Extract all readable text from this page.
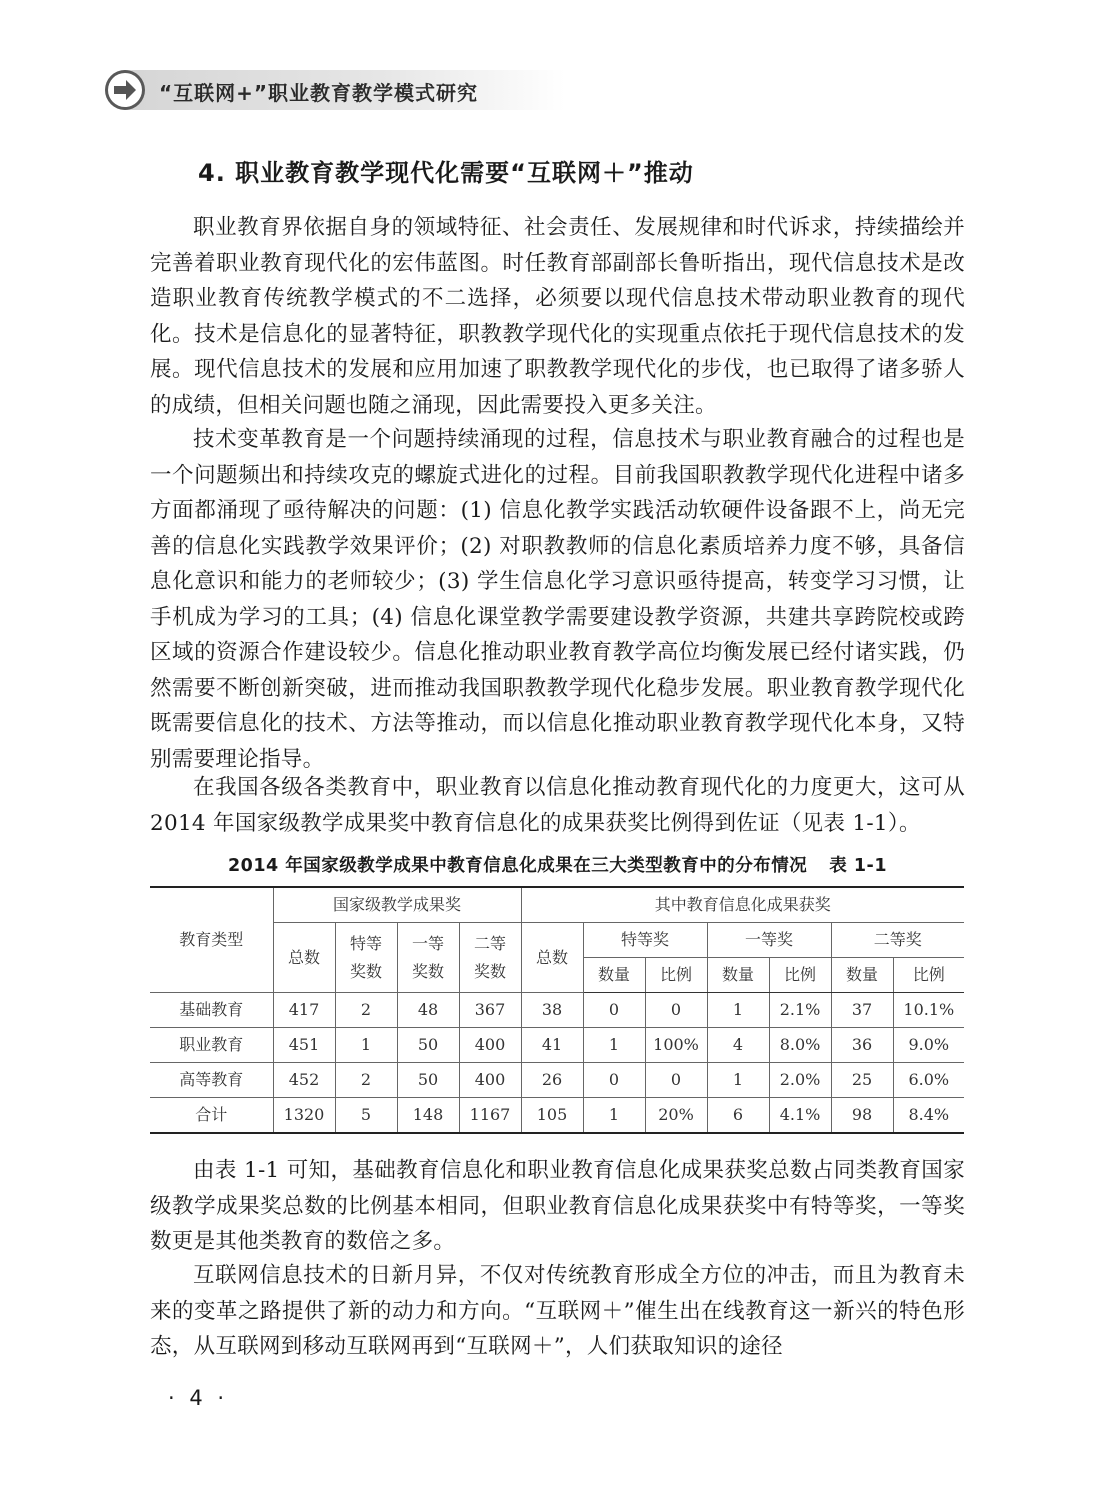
“互联网+”职业教育教学模式研究
4. 职业教育教学现代化需要“互联网＋”推动

职业教育界依据自身的领域特征、社会责任、发展规律和时代诉求，持续描绘并完善着职业教育现代化的宏伟蓝图。时任教育部副部长鲁昕指出，现代信息技术是改造职业教育传统教学模式的不二选择，必须要以现代信息技术带动职业教育的现代化。技术是信息化的显著特征，职教教学现代化的实现重点依托于现代信息技术的发展。现代信息技术的发展和应用加速了职教教学现代化的步伐，也已取得了诸多骄人的成绩，但相关问题也随之涌现，因此需要投入更多关注。

技术变革教育是一个问题持续涌现的过程，信息技术与职业教育融合的过程也是一个问题频出和持续攻克的螺旋式进化的过程。目前我国职教教学现代化进程中诸多方面都涌现了亟待解决的问题：(1) 信息化教学实践活动软硬件设备跟不上，尚无完善的信息化实践教学效果评价；(2) 对职教教师的信息化素质培养力度不够，具备信息化意识和能力的老师较少；(3) 学生信息化学习意识亟待提高，转变学习习惯，让手机成为学习的工具；(4) 信息化课堂教学需要建设教学资源，共建共享跨院校或跨区域的资源合作建设较少。信息化推动职业教育教学高位均衡发展已经付诸实践，仍然需要不断创新突破，进而推动我国职教教学现代化稳步发展。职业教育教学现代化既需要信息化的技术、方法等推动，而以信息化推动职业教育教学现代化本身，又特别需要理论指导。

在我国各级各类教育中，职业教育以信息化推动教育现代化的力度更大，这可从 2014 年国家级教学成果奖中教育信息化的成果获奖比例得到佐证（见表 1-1）。

2014 年国家级教学成果中教育信息化成果在三大类型教育中的分布情况 表 1-1
教育类型	国家级教学成果奖				其中教育信息化成果获奖						
	总数	特等奖数	一等奖数	二等奖数	总数	特等奖		一等奖		二等奖	
						数量	比例	数量	比例	数量	比例
基础教育	417	2	48	367	38	0	0	1	2.1%	37	10.1%
职业教育	451	1	50	400	41	1	100%	4	8.0%	36	9.0%
高等教育	452	2	50	400	26	0	0	1	2.0%	25	6.0%
合计	1320	5	148	1167	105	1	20%	6	4.1%	98	8.4%

由表 1-1 可知，基础教育信息化和职业教育信息化成果获奖总数占同类教育国家级教学成果奖总数的比例基本相同，但职业教育信息化成果获奖中有特等奖，一等奖数更是其他类教育的数倍之多。

互联网信息技术的日新月异，不仅对传统教育形成全方位的冲击，而且为教育未来的变革之路提供了新的动力和方向。“互联网＋”催生出在线教育这一新兴的特色形态，从互联网到移动互联网再到“互联网＋”，人们获取知识的途径

· 4 ·
